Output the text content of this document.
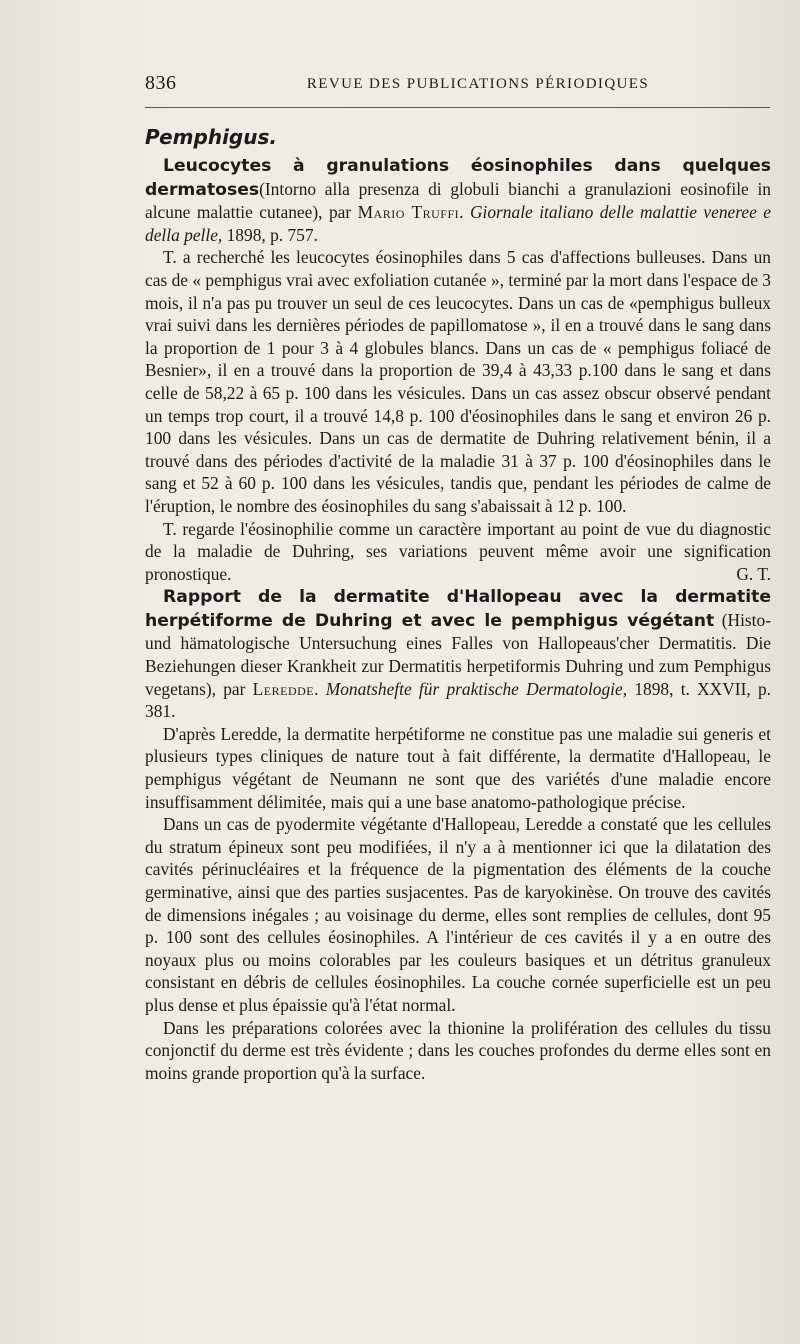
836	REVUE DES PUBLICATIONS PÉRIODIQUES
Pemphigus.

Leucocytes à granulations éosinophiles dans quelques dermatoses(Intorno alla presenza di globuli bianchi a granulazioni eosinofile in alcune malattie cutanee), par Mario Truffi. Giornale italiano delle malattie veneree e della pelle, 1898, p. 757.

T. a recherché les leucocytes éosinophiles dans 5 cas d'affections bulleuses. Dans un cas de « pemphigus vrai avec exfoliation cutanée », terminé par la mort dans l'espace de 3 mois, il n'a pas pu trouver un seul de ces leucocytes. Dans un cas de «pemphigus bulleux vrai suivi dans les dernières périodes de papillomatose », il en a trouvé dans le sang dans la proportion de 1 pour 3 à 4 globules blancs. Dans un cas de « pemphigus foliacé de Besnier», il en a trouvé dans la proportion de 39,4 à 43,33 p.100 dans le sang et dans celle de 58,22 à 65 p. 100 dans les vésicules. Dans un cas assez obscur observé pendant un temps trop court, il a trouvé 14,8 p. 100 d'éosinophiles dans le sang et environ 26 p. 100 dans les vésicules. Dans un cas de dermatite de Duhring relativement bénin, il a trouvé dans des périodes d'activité de la maladie 31 à 37 p. 100 d'éosinophiles dans le sang et 52 à 60 p. 100 dans les vésicules, tandis que, pendant les périodes de calme de l'éruption, le nombre des éosinophiles du sang s'abaissait à 12 p. 100.

T. regarde l'éosinophilie comme un caractère important au point de vue du diagnostic de la maladie de Duhring, ses variations peuvent même avoir une signification pronostique.	G. T.

Rapport de la dermatite d'Hallopeau avec la dermatite herpétiforme de Duhring et avec le pemphigus végétant (Histo-und hämatologische Untersuchung eines Falles von Hallopeaus'cher Dermatitis. Die Beziehungen dieser Krankheit zur Dermatitis herpetiformis Duhring und zum Pemphigus vegetans), par Leredde. Monatshefte für praktische Dermatologie, 1898, t. XXVII, p. 381.

D'après Leredde, la dermatite herpétiforme ne constitue pas une maladie sui generis et plusieurs types cliniques de nature tout à fait différente, la dermatite d'Hallopeau, le pemphigus végétant de Neumann ne sont que des variétés d'une maladie encore insuffisamment délimitée, mais qui a une base anatomo-pathologique précise.

Dans un cas de pyodermite végétante d'Hallopeau, Leredde a constaté que les cellules du stratum épineux sont peu modifiées, il n'y a à mentionner ici que la dilatation des cavités périnucléaires et la fréquence de la pigmentation des éléments de la couche germinative, ainsi que des parties susjacentes. Pas de karyokinèse. On trouve des cavités de dimensions inégales ; au voisinage du derme, elles sont remplies de cellules, dont 95 p. 100 sont des cellules éosinophiles. A l'intérieur de ces cavités il y a en outre des noyaux plus ou moins colorables par les couleurs basiques et un détritus granuleux consistant en débris de cellules éosinophiles. La couche cornée superficielle est un peu plus dense et plus épaissie qu'à l'état normal.

Dans les préparations colorées avec la thionine la prolifération des cellules du tissu conjonctif du derme est très évidente ; dans les couches profondes du derme elles sont en moins grande proportion qu'à la surface.
